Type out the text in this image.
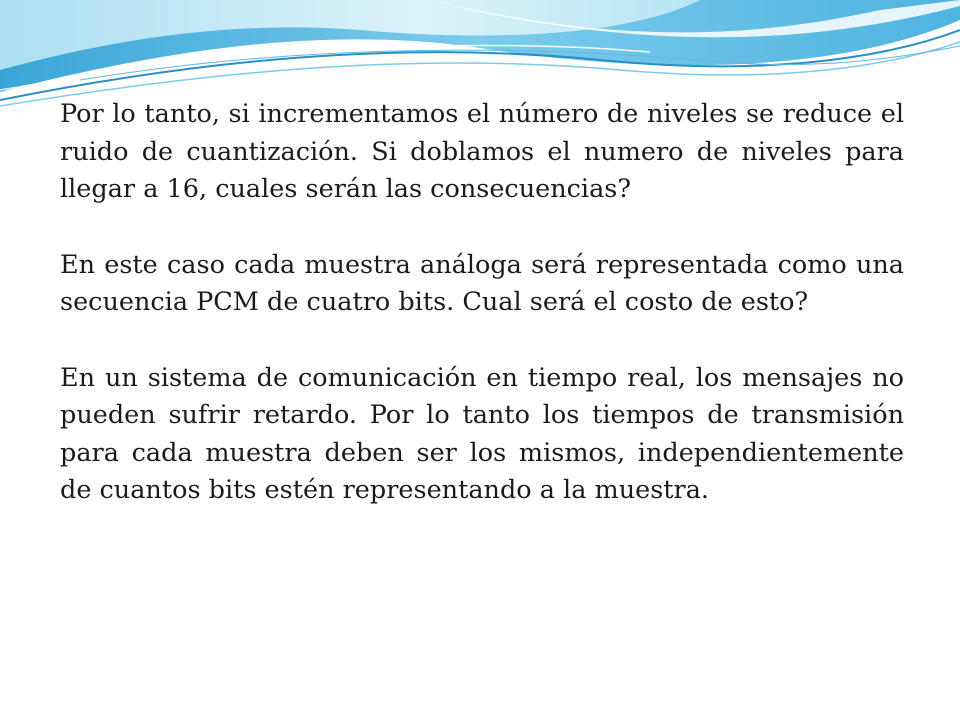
Por lo tanto, si incrementamos el número de niveles se reduce el ruido de cuantización. Si doblamos el numero de niveles para llegar a 16, cuales serán las consecuencias?

En este caso cada muestra análoga será representada como una secuencia PCM de cuatro bits. Cual será el costo de esto?

En un sistema de comunicación en tiempo real, los mensajes no pueden sufrir retardo. Por lo tanto los tiempos de transmisión para cada muestra deben ser los mismos, independientemente de cuantos bits estén representando a la muestra.
